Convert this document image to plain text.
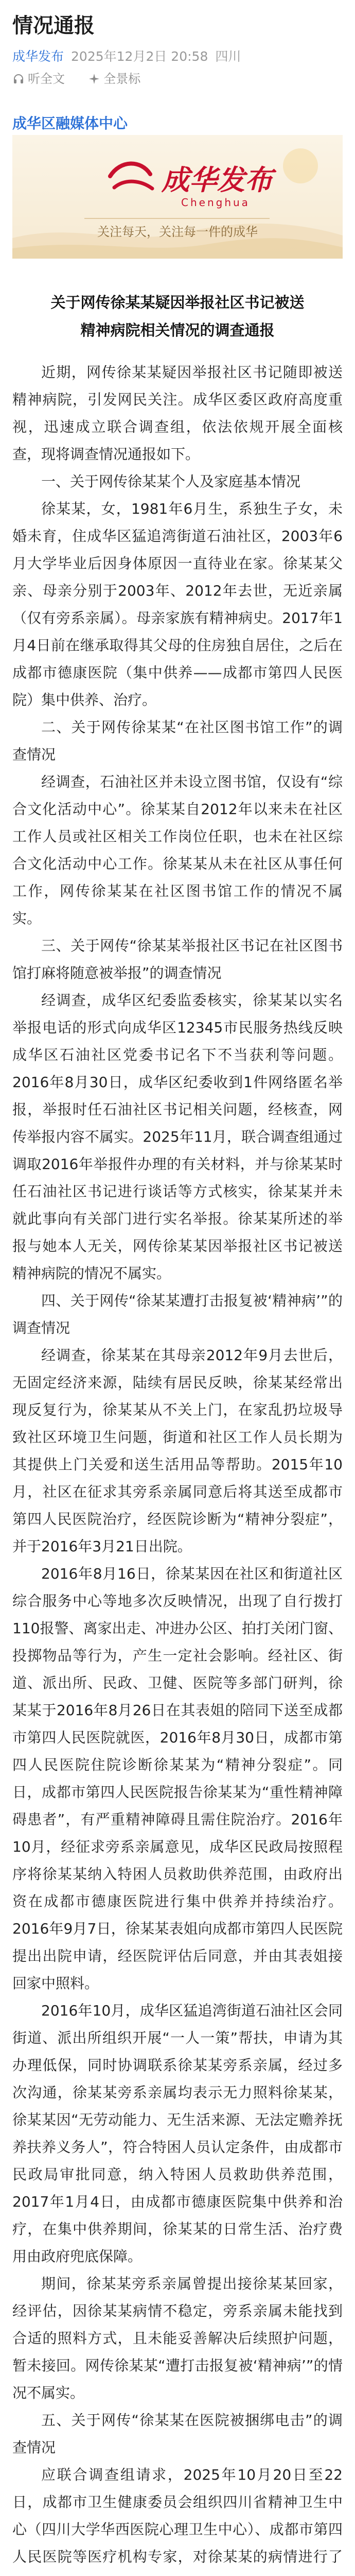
情况通报
成华发布 2025年12月2日 20:58 四川
听全文	全景标
成华区融媒体中心
成华发布
Chenghua
关注每天，关注每一件的成华
关于网传徐某某疑因举报社区书记被送
精神病院相关情况的调查通报

近期，网传徐某某疑因举报社区书记随即被送精神病院，引发网民关注。成华区委区政府高度重视，迅速成立联合调查组，依法依规开展全面核查，现将调查情况通报如下。

一、关于网传徐某某个人及家庭基本情况

徐某某，女，1981年6月生，系独生子女，未婚未育，住成华区猛追湾街道石油社区，2003年6月大学毕业后因身体原因一直待业在家。徐某某父亲、母亲分别于2003年、2012年去世，无近亲属（仅有旁系亲属）。母亲家族有精神病史。2017年1月4日前在继承取得其父母的住房独自居住，之后在成都市德康医院（集中供养——成都市第四人民医院）集中供养、治疗。

二、关于网传徐某某“在社区图书馆工作”的调查情况

经调查，石油社区并未设立图书馆，仅设有“综合文化活动中心”。徐某某自2012年以来未在社区工作人员或社区相关工作岗位任职，也未在社区综合文化活动中心工作。徐某某从未在社区从事任何工作，网传徐某某在社区图书馆工作的情况不属实。

三、关于网传“徐某某举报社区书记在社区图书馆打麻将随意被举报”的调查情况

经调查，成华区纪委监委核实，徐某某以实名举报电话的形式向成华区12345市民服务热线反映成华区石油社区党委书记名下不当获利等问题。2016年8月30日，成华区纪委收到1件网络匿名举报，举报时任石油社区书记相关问题，经核查，网传举报内容不属实。2025年11月，联合调查组通过调取2016年举报件办理的有关材料，并与徐某某时任石油社区书记进行谈话等方式核实，徐某某并未就此事向有关部门进行实名举报。徐某某所述的举报与她本人无关，网传徐某某因举报社区书记被送精神病院的情况不属实。

四、关于网传“徐某某遭打击报复被‘精神病’”的调查情况

经调查，徐某某在其母亲2012年9月去世后，无固定经济来源，陆续有居民反映，徐某某经常出现反复行为，徐某某从不关上门，在家乱扔垃圾导致社区环境卫生问题，街道和社区工作人员长期为其提供上门关爱和送生活用品等帮助。2015年10月，社区在征求其旁系亲属同意后将其送至成都市第四人民医院治疗，经医院诊断为“精神分裂症”，并于2016年3月21日出院。

2016年8月16日，徐某某因在社区和街道社区综合服务中心等地多次反映情况，出现了自行拨打110报警、离家出走、冲进办公区、拍打关闭门窗、投掷物品等行为，产生一定社会影响。经社区、街道、派出所、民政、卫健、医院等多部门研判，徐某某于2016年8月26日在其表姐的陪同下送至成都市第四人民医院就医，2016年8月30日，成都市第四人民医院住院诊断徐某某为“精神分裂症”。同日，成都市第四人民医院报告徐某某为“重性精神障碍患者”，有严重精神障碍且需住院治疗。2016年10月，经征求旁系亲属意见，成华区民政局按照程序将徐某某纳入特困人员救助供养范围，由政府出资在成都市德康医院进行集中供养并持续治疗。2016年9月7日，徐某某表姐向成都市第四人民医院提出出院申请，经医院评估后同意，并由其表姐接回家中照料。

2016年10月，成华区猛追湾街道石油社区会同街道、派出所组织开展“一人一策”帮扶，申请为其办理低保，同时协调联系徐某某旁系亲属，经过多次沟通，徐某某旁系亲属均表示无力照料徐某某，徐某某因“无劳动能力、无生活来源、无法定赡养抚养扶养义务人”，符合特困人员认定条件，由成都市民政局审批同意，纳入特困人员救助供养范围，2017年1月4日，由成都市德康医院集中供养和治疗，在集中供养期间，徐某某的日常生活、治疗费用由政府兜底保障。

期间，徐某某旁系亲属曾提出接徐某某回家，经评估，因徐某某病情不稳定，旁系亲属未能找到合适的照料方式，且未能妥善解决后续照护问题，暂未接回。网传徐某某“遭打击报复被‘精神病’”的情况不属实。

五、关于网传“徐某某在医院被捆绑电击”的调查情况

应联合调查组请求，2025年10月20日至22日，成都市卫生健康委员会组织四川省精神卫生中心（四川大学华西医院心理卫生中心）、成都市第四人民医院等医疗机构专家，对徐某某的病情进行了
